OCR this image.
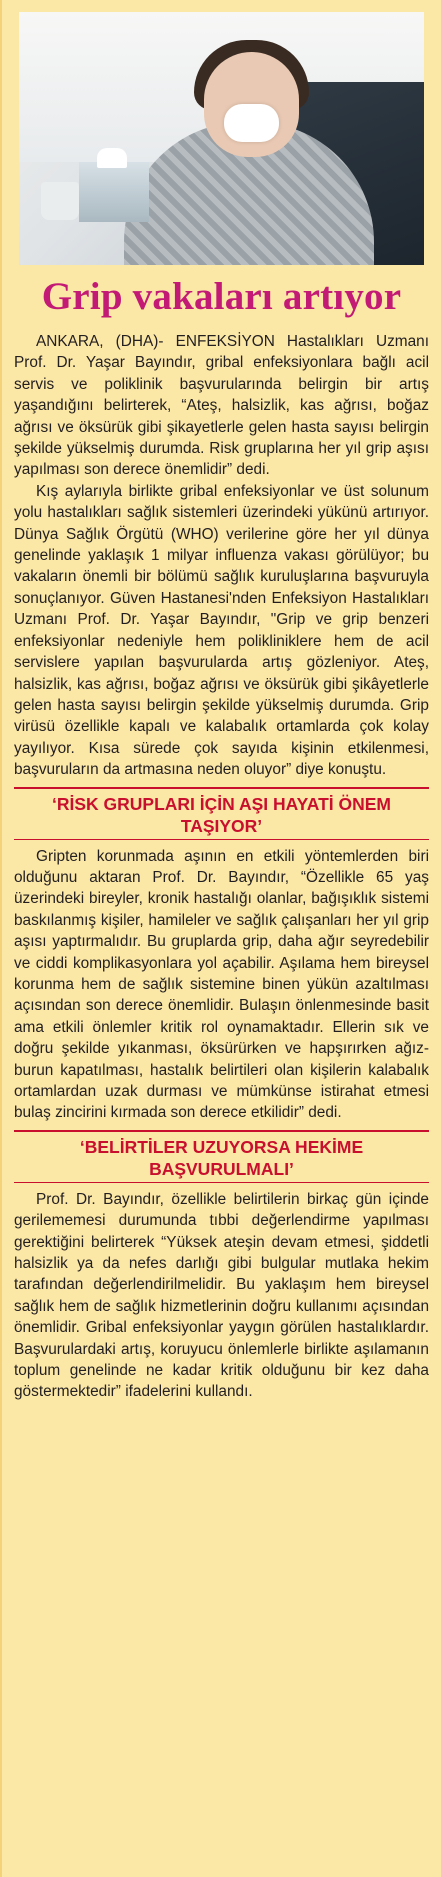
Grip vakaları artıyor

ANKARA, (DHA)- ENFEKSİYON Hastalıkları Uzmanı Prof. Dr. Yaşar Bayındır, gribal enfeksiyonlara bağlı acil servis ve poliklinik başvurularında belirgin bir artış yaşandığını belirterek, “Ateş, halsizlik, kas ağrısı, boğaz ağrısı ve öksürük gibi şikayetlerle gelen hasta sayısı belirgin şekilde yükselmiş durumda. Risk gruplarına her yıl grip aşısı yapılması son derece önemlidir” dedi.

Kış aylarıyla birlikte gribal enfeksiyonlar ve üst solunum yolu hastalıkları sağlık sistemleri üzerindeki yükünü artırıyor. Dünya Sağlık Örgütü (WHO) verilerine göre her yıl dünya genelinde yaklaşık 1 milyar influenza vakası görülüyor; bu vakaların önemli bir bölümü sağlık kuruluşlarına başvuruyla sonuçlanıyor. Güven Hastanesi'nden Enfeksiyon Hastalıkları Uzmanı Prof. Dr. Yaşar Bayındır, "Grip ve grip benzeri enfeksiyonlar nedeniyle hem polikliniklere hem de acil servislere yapılan başvurularda artış gözleniyor. Ateş, halsizlik, kas ağrısı, boğaz ağrısı ve öksürük gibi şikâyetlerle gelen hasta sayısı belirgin şekilde yükselmiş durumda. Grip virüsü özellikle kapalı ve kalabalık ortamlarda çok kolay yayılıyor. Kısa sürede çok sayıda kişinin etkilenmesi, başvuruların da artmasına neden oluyor” diye konuştu.

‘RİSK GRUPLARI İÇİN AŞI HAYATİ ÖNEM TAŞIYOR’

Gripten korunmada aşının en etkili yöntemlerden biri olduğunu aktaran Prof. Dr. Bayındır, “Özellikle 65 yaş üzerindeki bireyler, kronik hastalığı olanlar, bağışıklık sistemi baskılanmış kişiler, hamileler ve sağlık çalışanları her yıl grip aşısı yaptırmalıdır. Bu gruplarda grip, daha ağır seyredebilir ve ciddi komplikasyonlara yol açabilir. Aşılama hem bireysel korunma hem de sağlık sistemine binen yükün azaltılması açısından son derece önemlidir. Bulaşın önlenmesinde basit ama etkili önlemler kritik rol oynamaktadır. Ellerin sık ve doğru şekilde yıkanması, öksürürken ve hapşırırken ağız-burun kapatılması, hastalık belirtileri olan kişilerin kalabalık ortamlardan uzak durması ve mümkünse istirahat etmesi bulaş zincirini kırmada son derece etkilidir” dedi.

‘BELİRTİLER UZUYORSA HEKİME BAŞVURULMALI’

Prof. Dr. Bayındır, özellikle belirtilerin birkaç gün içinde gerilememesi durumunda tıbbi değerlendirme yapılması gerektiğini belirterek “Yüksek ateşin devam etmesi, şiddetli halsizlik ya da nefes darlığı gibi bulgular mutlaka hekim tarafından değerlendirilmelidir. Bu yaklaşım hem bireysel sağlık hem de sağlık hizmetlerinin doğru kullanımı açısından önemlidir. Gribal enfeksiyonlar yaygın görülen hastalıklardır. Başvurulardaki artış, koruyucu önlemlerle birlikte aşılamanın toplum genelinde ne kadar kritik olduğunu bir kez daha göstermektedir” ifadelerini kullandı.
